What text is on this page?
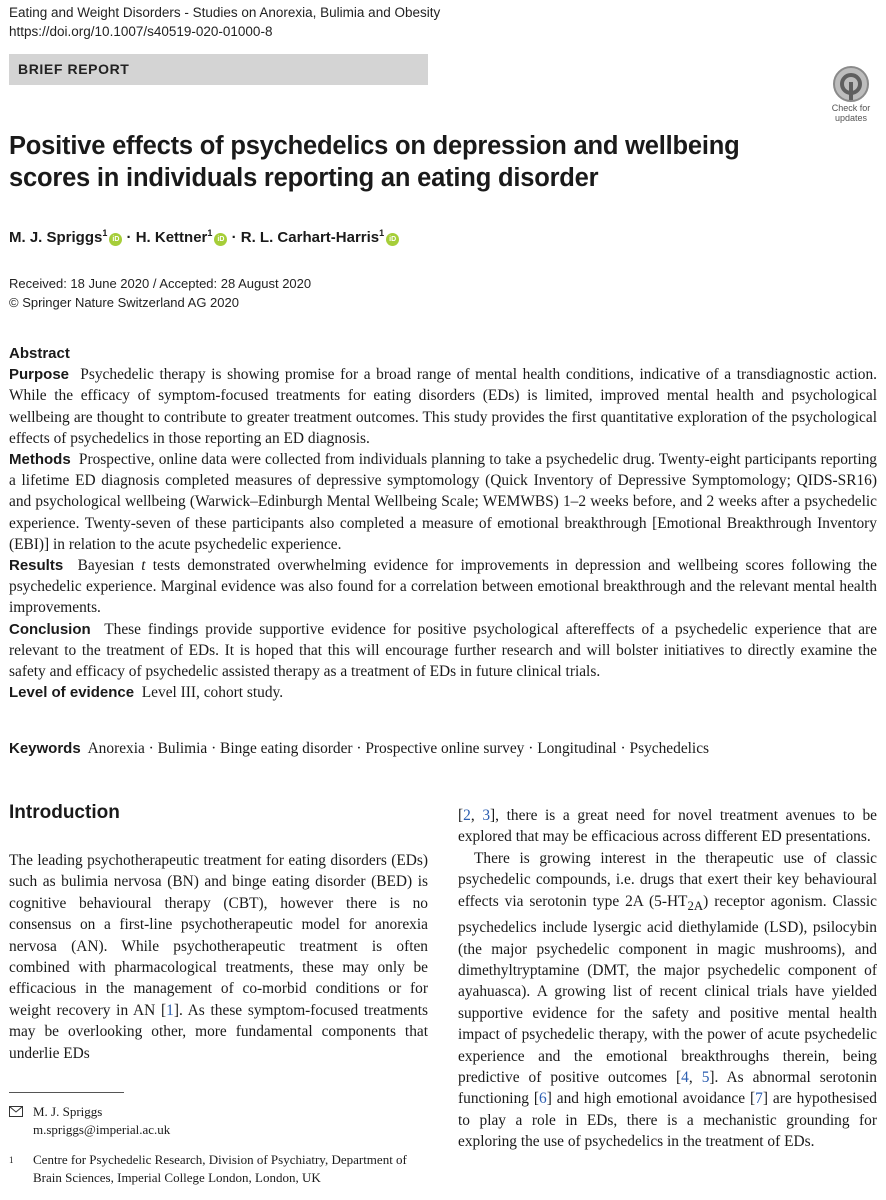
Eating and Weight Disorders - Studies on Anorexia, Bulimia and Obesity
https://doi.org/10.1007/s40519-020-01000-8
BRIEF REPORT
Check for
updates
Positive effects of psychedelics on depression and wellbeing scores in individuals reporting an eating disorder
M. J. Spriggs$^1$iD · H. Kettner$^1$iD · R. L. Carhart-Harris$^1$iD
Received: 18 June 2020 / Accepted: 28 August 2020
© Springer Nature Switzerland AG 2020

Abstract

Purpose Psychedelic therapy is showing promise for a broad range of mental health conditions, indicative of a transdiagnostic action. While the efficacy of symptom-focused treatments for eating disorders (EDs) is limited, improved mental health and psychological wellbeing are thought to contribute to greater treatment outcomes. This study provides the first quantitative exploration of the psychological effects of psychedelics in those reporting an ED diagnosis.

Methods Prospective, online data were collected from individuals planning to take a psychedelic drug. Twenty-eight participants reporting a lifetime ED diagnosis completed measures of depressive symptomology (Quick Inventory of Depressive Symptomology; QIDS-SR16) and psychological wellbeing (Warwick–Edinburgh Mental Wellbeing Scale; WEMWBS) 1–2 weeks before, and 2 weeks after a psychedelic experience. Twenty-seven of these participants also completed a measure of emotional breakthrough [Emotional Breakthrough Inventory (EBI)] in relation to the acute psychedelic experience.

Results Bayesian t tests demonstrated overwhelming evidence for improvements in depression and wellbeing scores following the psychedelic experience. Marginal evidence was also found for a correlation between emotional breakthrough and the relevant mental health improvements.

Conclusion These findings provide supportive evidence for positive psychological aftereffects of a psychedelic experience that are relevant to the treatment of EDs. It is hoped that this will encourage further research and will bolster initiatives to directly examine the safety and efficacy of psychedelic assisted therapy as a treatment of EDs in future clinical trials.

Level of evidence Level III, cohort study.

Keywords Anorexia · Bulimia · Binge eating disorder · Prospective online survey · Longitudinal · Psychedelics
Introduction

The leading psychotherapeutic treatment for eating disorders (EDs) such as bulimia nervosa (BN) and binge eating disorder (BED) is cognitive behavioural therapy (CBT), however there is no consensus on a first-line psychotherapeutic model for anorexia nervosa (AN). While psychotherapeutic treatment is often combined with pharmacological treatments, these may only be efficacious in the management of co-morbid conditions or for weight recovery in AN [1]. As these symptom-focused treatments may be overlooking other, more fundamental components that underlie EDs

[2, 3], there is a great need for novel treatment avenues to be explored that may be efficacious across different ED presentations.

There is growing interest in the therapeutic use of classic psychedelic compounds, i.e. drugs that exert their key behavioural effects via serotonin type 2A $(5-HT_{2A})$ receptor agonism. Classic psychedelics include lysergic acid diethylamide (LSD), psilocybin (the major psychedelic component in magic mushrooms), and dimethyltryptamine (DMT, the major psychedelic component of ayahuasca). A growing list of recent clinical trials have yielded supportive evidence for the safety and positive mental health impact of psychedelic therapy, with the power of acute psychedelic experience and the emotional breakthroughs therein, being predictive of positive outcomes [4, 5]. As abnormal serotonin functioning [6] and high emotional avoidance [7] are hypothesised to play a role in EDs, there is a mechanistic grounding for exploring the use of psychedelics in the treatment of EDs.

M. J. Spriggs
m.spriggs@imperial.ac.uk
1	Centre for Psychedelic Research, Division of Psychiatry, Department of Brain Sciences, Imperial College London, London, UK
